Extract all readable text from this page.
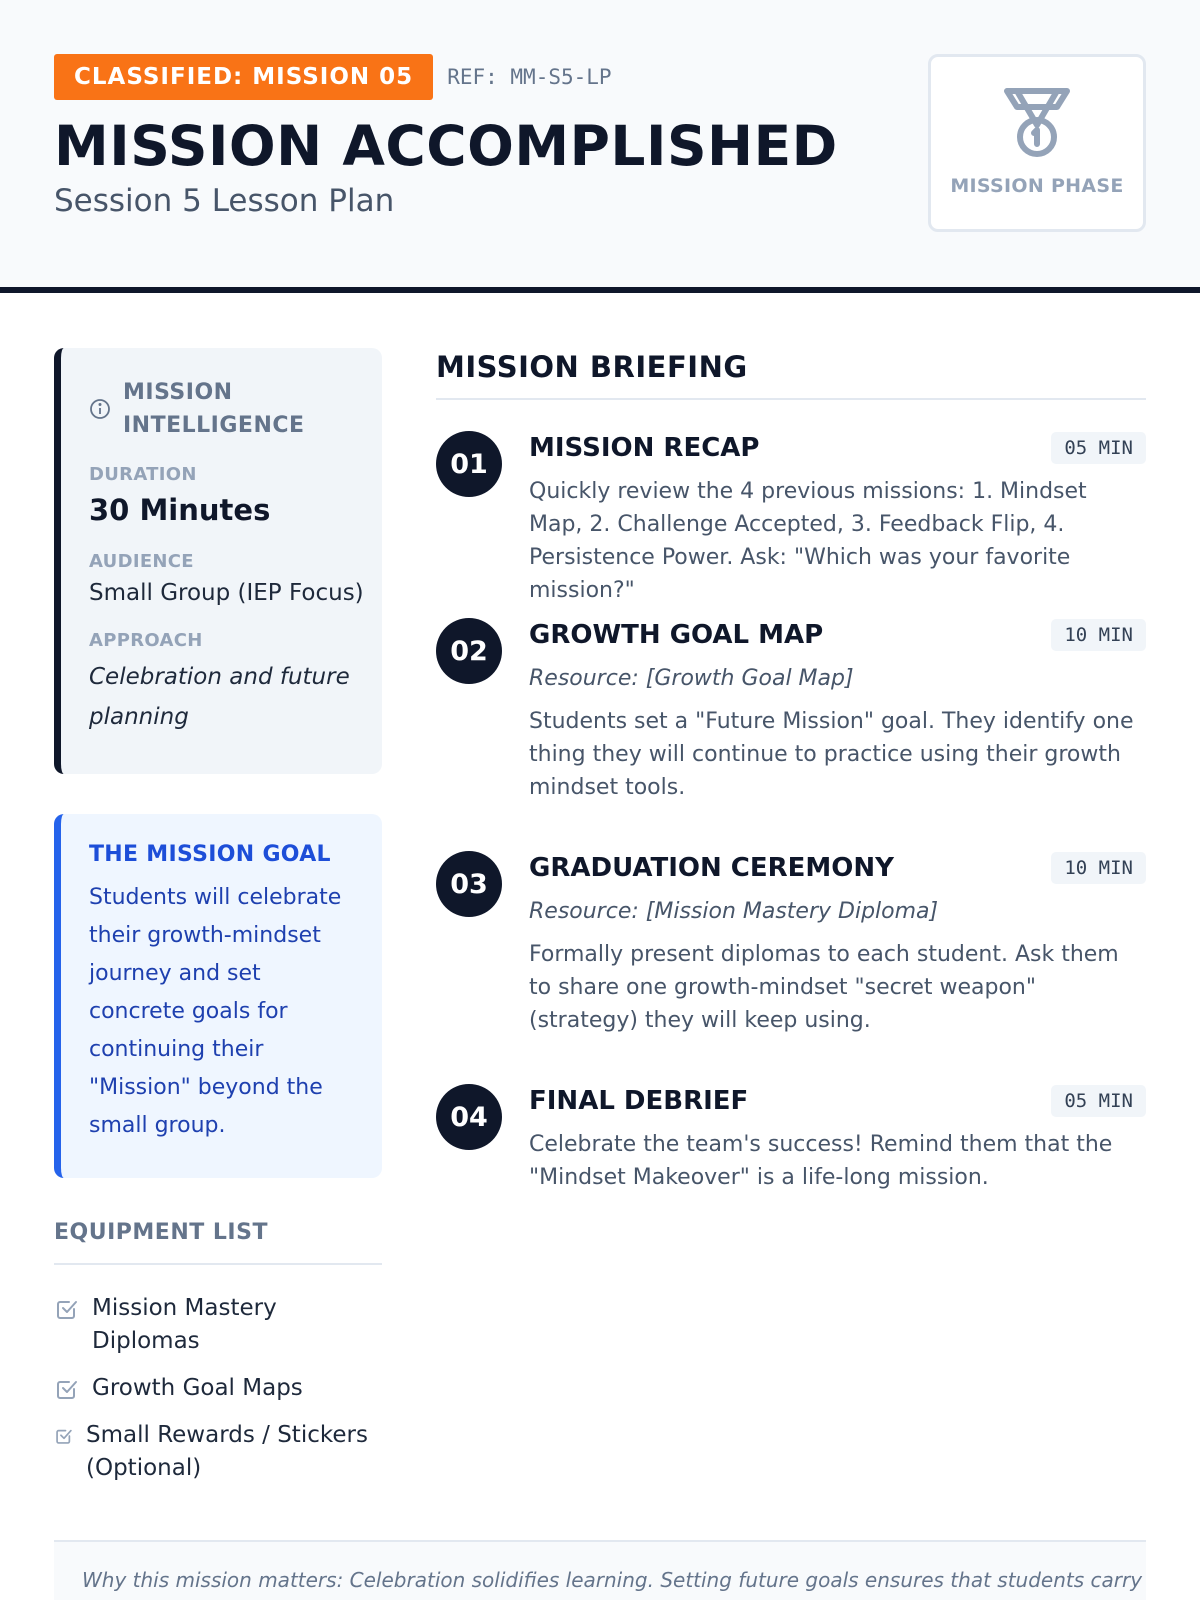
CLASSIFIED: MISSION 05	REF: MM-S5-LP
MISSION ACCOMPLISHED
Session 5 Lesson Plan	MISSION PHASE
MISSION INTELLIGENCE
DURATION
30 Minutes
AUDIENCE
Small Group (IEP Focus)
APPROACH
Celebration and future planning
THE MISSION GOAL

Students will celebrate their growth-mindset journey and set concrete goals for continuing their "Mission" beyond the small group.

EQUIPMENT LIST
Mission Mastery Diplomas
Growth Goal Maps
Small Rewards / Stickers (Optional)
MISSION BRIEFING
01
MISSION RECAP	05 MIN

Quickly review the 4 previous missions: 1. Mindset Map, 2. Challenge Accepted, 3. Feedback Flip, 4. Persistence Power. Ask: "Which was your favorite mission?"

02
GROWTH GOAL MAP	10 MIN
Resource: [Growth Goal Map]

Students set a "Future Mission" goal. They identify one thing they will continue to practice using their growth mindset tools.

03
GRADUATION CEREMONY	10 MIN
Resource: [Mission Mastery Diploma]

Formally present diplomas to each student. Ask them to share one growth-mindset "secret weapon" (strategy) they will keep using.

04
FINAL DEBRIEF	05 MIN

Celebrate the team's success! Remind them that the "Mindset Makeover" is a life-long mission.

Why this mission matters: Celebration solidifies learning. Setting future goals ensures that students carry
